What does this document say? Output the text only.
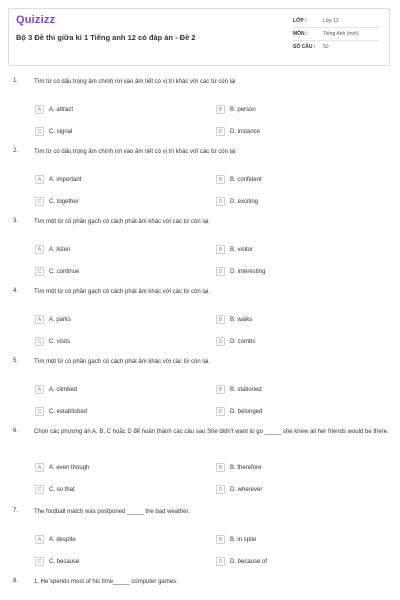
Quizizz
Bộ 3 Đề thi giữa kì 1 Tiếng anh 12 có đáp án - Đề 2
LỚP :	Lớp 12
MÔN :	Tiếng Anh (mới)
SỐ CÂU :	50
1.	Tìm từ có dấu trọng âm chính rơi vào âm tiết có vị trí khác với các từ còn lại
A	A. attract	B	B. person
C	C. signal	D	D. instance
2.	Tìm từ có dấu trọng âm chính rơi vào âm tiết có vị trí khác với các từ còn lại
A	A. important	B	B. confident
C	C. together	D	D. exciting
3.	Tìm một từ có phần gạch có cách phát âm khác với các từ còn lại.
A	A. listen	B	B. visitor
C	C. continue	D	D. interesting
4.	Tìm một từ có phần gạch có cách phát âm khác với các từ còn lại.
A	A. parks	B	B. walks
C	C. visits	D	D. combs
5.	Tìm một từ có phần gạch có cách phát âm khác với các từ còn lại.
A	A. climbed	B	B. stationed
C	C. established	D	D. belonged
6.	Chọn các phương án A, B, C hoặc D để hoàn thành các câu sau She didn't want to go _____ she knew all her friends would be there.
A	A. even though	B	B. therefore
C	C. so that	D	D. wherever
7.	The football match was postponed _____ the bad weather.
A	A. despite	B	B. in spite
C	C. because	D	D. because of
8.	1. He spends most of his time_____ computer games.
